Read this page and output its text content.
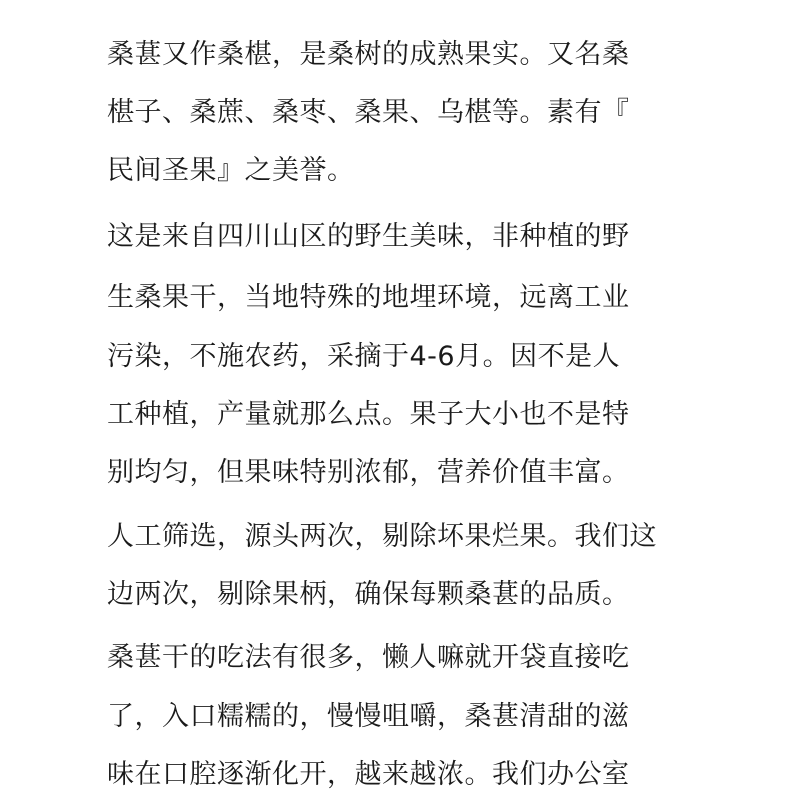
桑葚又作桑椹，是桑树的成熟果实。又名桑
椹子、桑蔗、桑枣、桑果、乌椹等。素有『
民间圣果』之美誉。
这是来自四川山区的野生美味，非种植的野
生桑果干，当地特殊的地埋环境，远离工业
污染，不施农药，采摘于4-6月。因不是人
工种植，产量就那么点。果子大小也不是特
别均匀，但果味特别浓郁，营养价值丰富。
人工筛选，源头两次，剔除坏果烂果。我们这
边两次，剔除果柄，确保每颗桑葚的品质。
桑葚干的吃法有很多，懒人嘛就开袋直接吃
了，入口糯糯的，慢慢咀嚼，桑葚清甜的滋
味在口腔逐渐化开，越来越浓。我们办公室
